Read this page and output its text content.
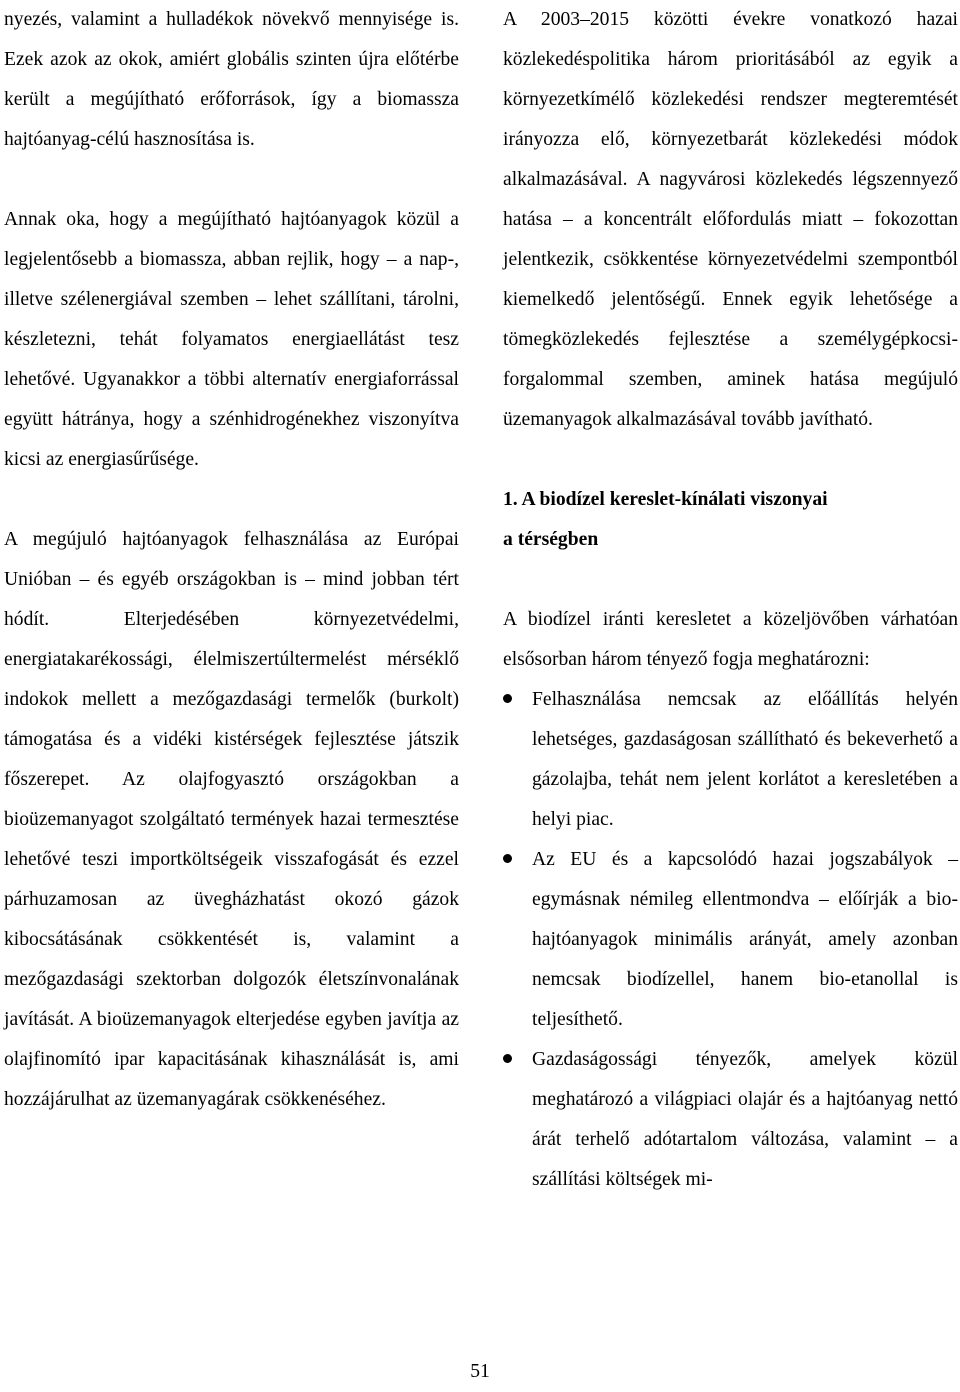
nyezés, valamint a hulladékok növekvő mennyisége is. Ezek azok az okok, amiért globális szinten újra előtérbe került a megújítható erőforrások, így a biomassza hajtóanyag-célú hasznosítása is.

Annak oka, hogy a megújítható hajtóanyagok közül a legjelentősebb a biomassza, abban rejlik, hogy – a nap-, illetve szélenergiával szemben – lehet szállítani, tárolni, készletezni, tehát folyamatos energiaellátást tesz lehetővé. Ugyanakkor a többi alternatív energiaforrással együtt hátránya, hogy a szénhidrogénekhez viszonyítva kicsi az energiasűrűsége.

A megújuló hajtóanyagok felhasználása az Európai Unióban – és egyéb országokban is – mind jobban tért hódít. Elterjedésében környezetvédelmi, energiatakarékossági, élelmiszertúltermelést mérséklő indokok mellett a mezőgazdasági termelők (burkolt) támogatása és a vidéki kistérségek fejlesztése játszik főszerepet. Az olajfogyasztó országokban a bioüzemanyagot szolgáltató termények hazai termesztése lehetővé teszi importköltségeik visszafogását és ezzel párhuzamosan az üvegházhatást okozó gázok kibocsátásának csökkentését is, valamint a mezőgazdasági szektorban dolgozók életszínvonalának javítását. A bioüzemanyagok elterjedése egyben javítja az olajfinomító ipar kapacitásának kihasználását is, ami hozzájárulhat az üzemanyagárak csökkenéséhez.

A 2003–2015 közötti évekre vonatkozó hazai közlekedéspolitika három prioritásából az egyik a környezetkímélő közlekedési rendszer megteremtését irányozza elő, környezetbarát közlekedési módok alkalmazásával. A nagyvárosi közlekedés légszennyező hatása – a koncentrált előfordulás miatt – fokozottan jelentkezik, csökkentése környezetvédelmi szempontból kiemelkedő jelentőségű. Ennek egyik lehetősége a tömegközlekedés fejlesztése a személygépkocsi-forgalommal szemben, aminek hatása megújuló üzemanyagok alkalmazásával tovább javítható.

1. A biodízel kereslet-kínálati viszonyai
a térségben

A biodízel iránti keresletet a közeljövőben várhatóan elsősorban három tényező fogja meghatározni:

Felhasználása nemcsak az előállítás helyén lehetséges, gazdaságosan szállítható és bekeverhető a gázolajba, tehát nem jelent korlátot a keresletében a helyi piac.
Az EU és a kapcsolódó hazai jogszabályok – egymásnak némileg ellentmondva – előírják a bio-hajtóanyagok minimális arányát, amely azonban nemcsak biodízellel, hanem bio-etanollal is teljesíthető.
Gazdaságossági tényezők, amelyek közül meghatározó a világpiaci olajár és a hajtóanyag nettó árát terhelő adótartalom változása, valamint – a szállítási költségek mi-
51
